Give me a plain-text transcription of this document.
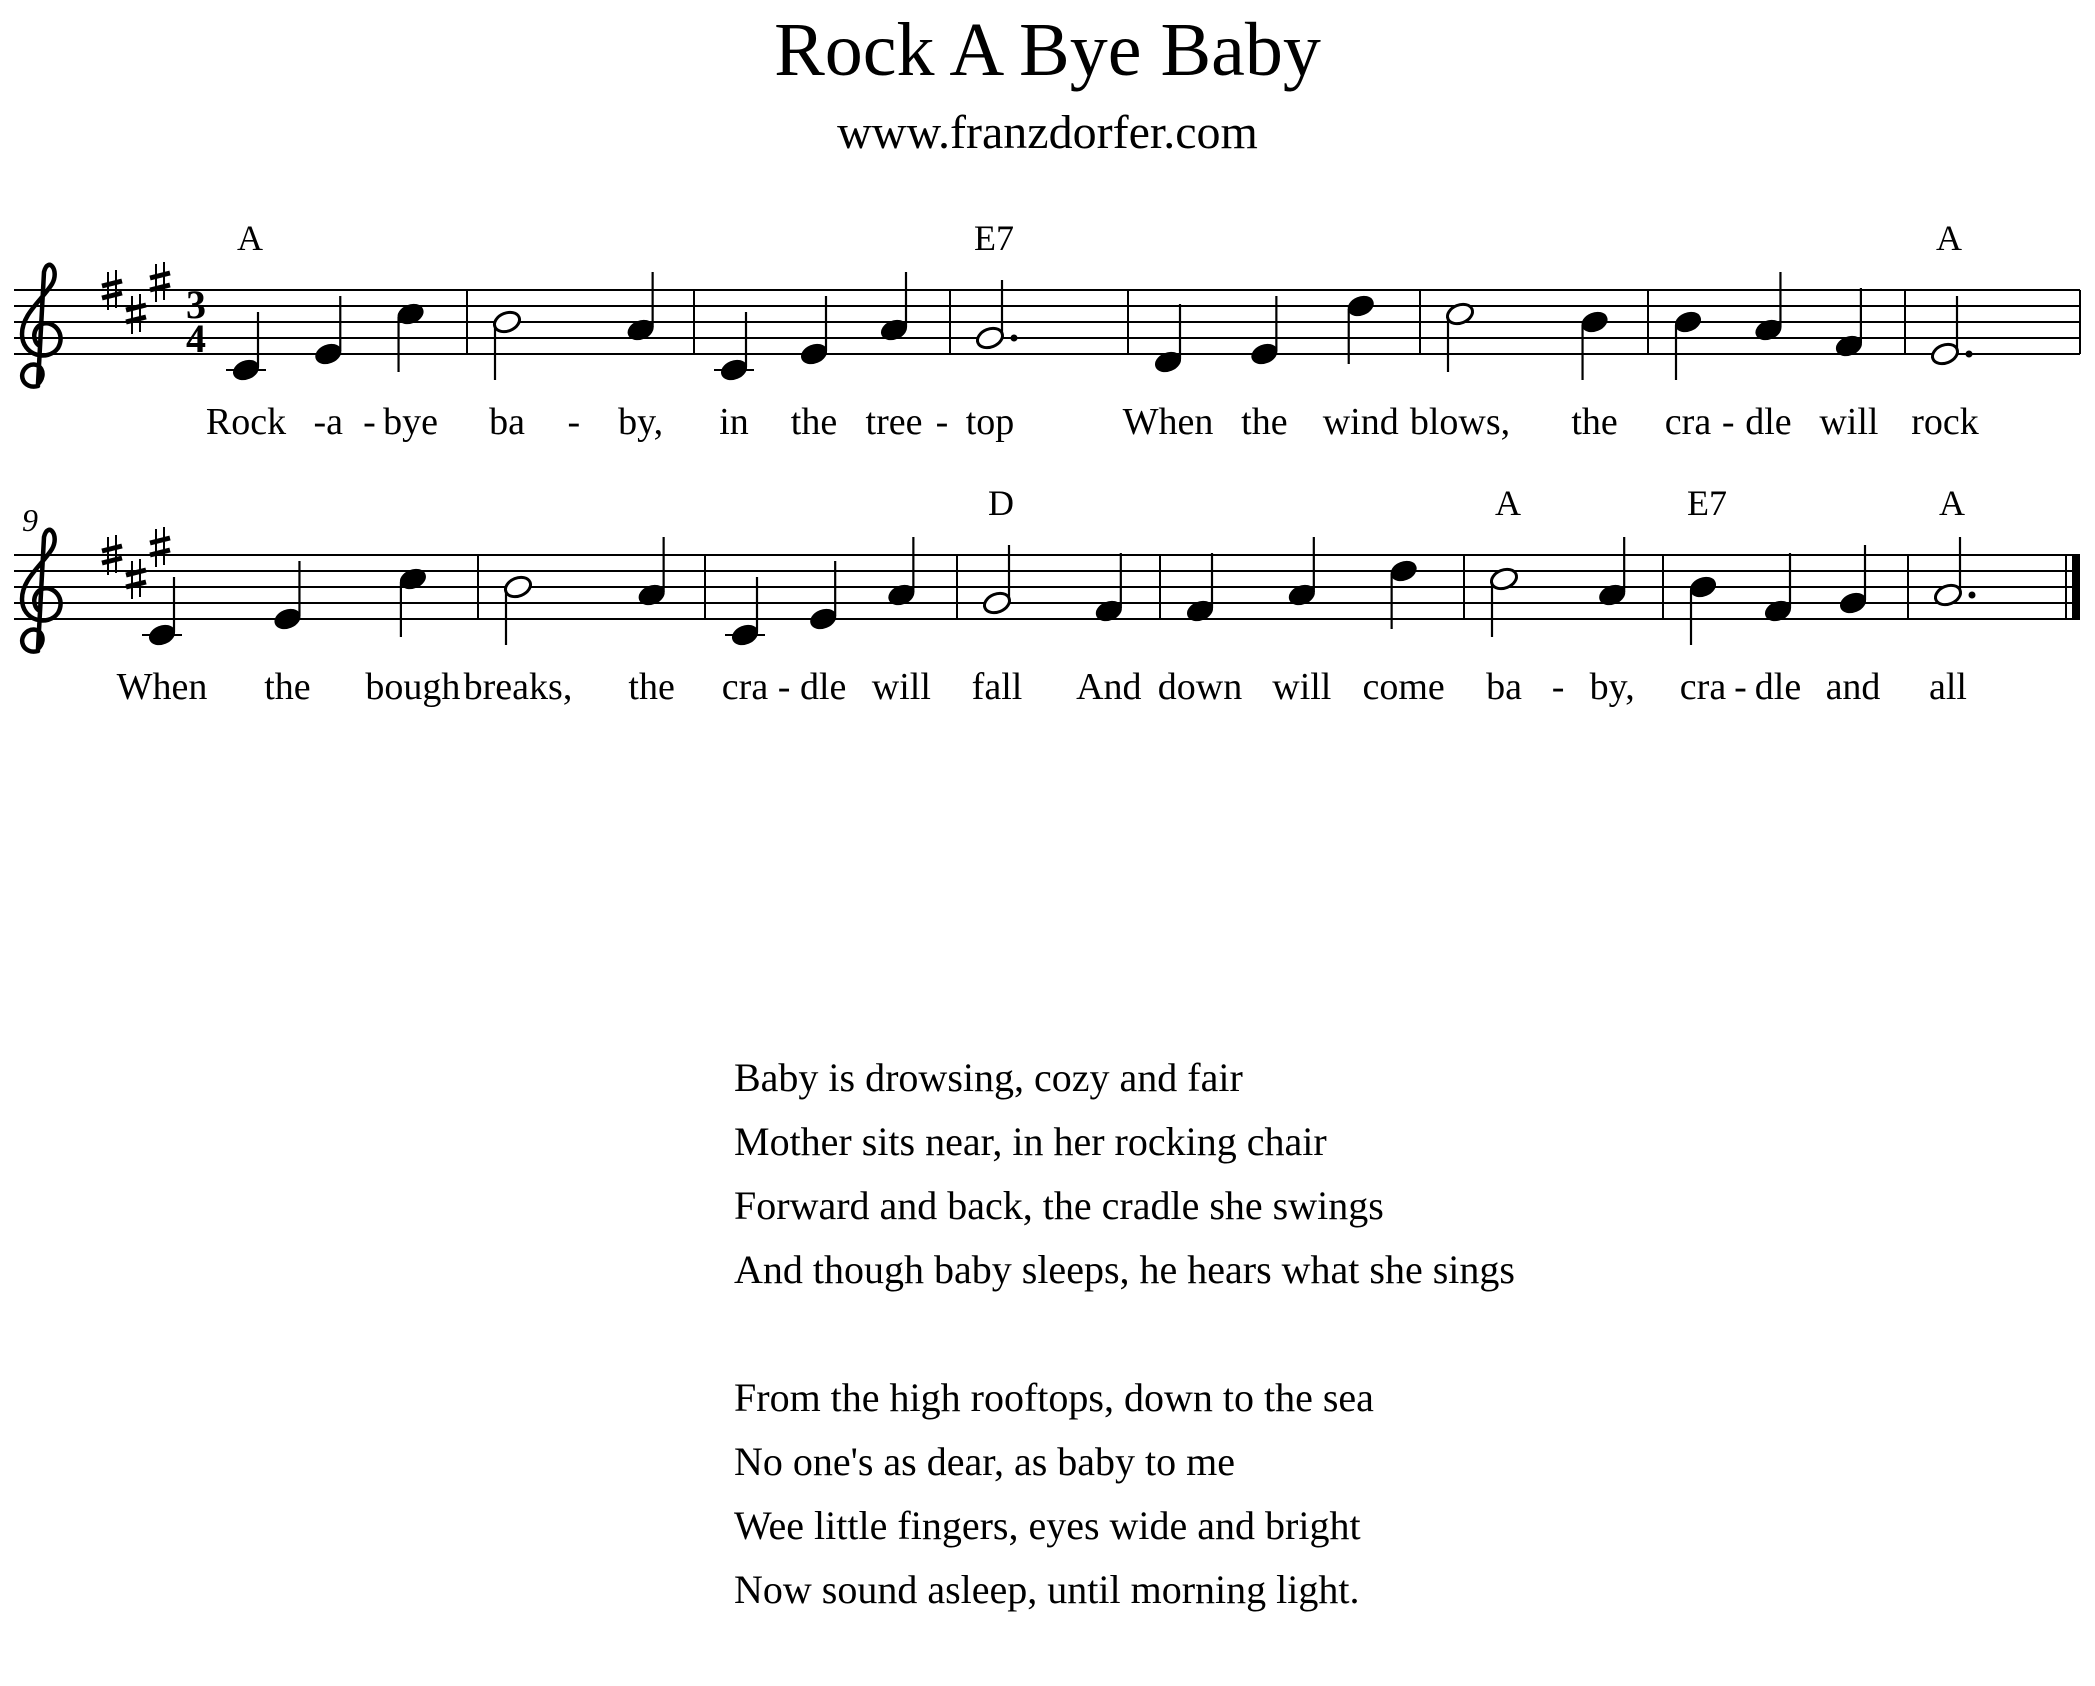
Rock A Bye Baby
www.franzdorfer.com
3
4
A	E7	A
Rock -a - bye ba - by, in the tree - top	When the wind blows, the cra - dle will rock
9	D	A	E7	A
When the bough breaks, the cra - dle will fall And down will come ba - by, cra - dle and all
Baby is drowsing, cozy and fair
Mother sits near, in her rocking chair
Forward and back, the cradle she swings
And though baby sleeps, he hears what she sings
From the high rooftops, down to the sea
No one's as dear, as baby to me
Wee little fingers, eyes wide and bright
Now sound asleep, until morning light.
